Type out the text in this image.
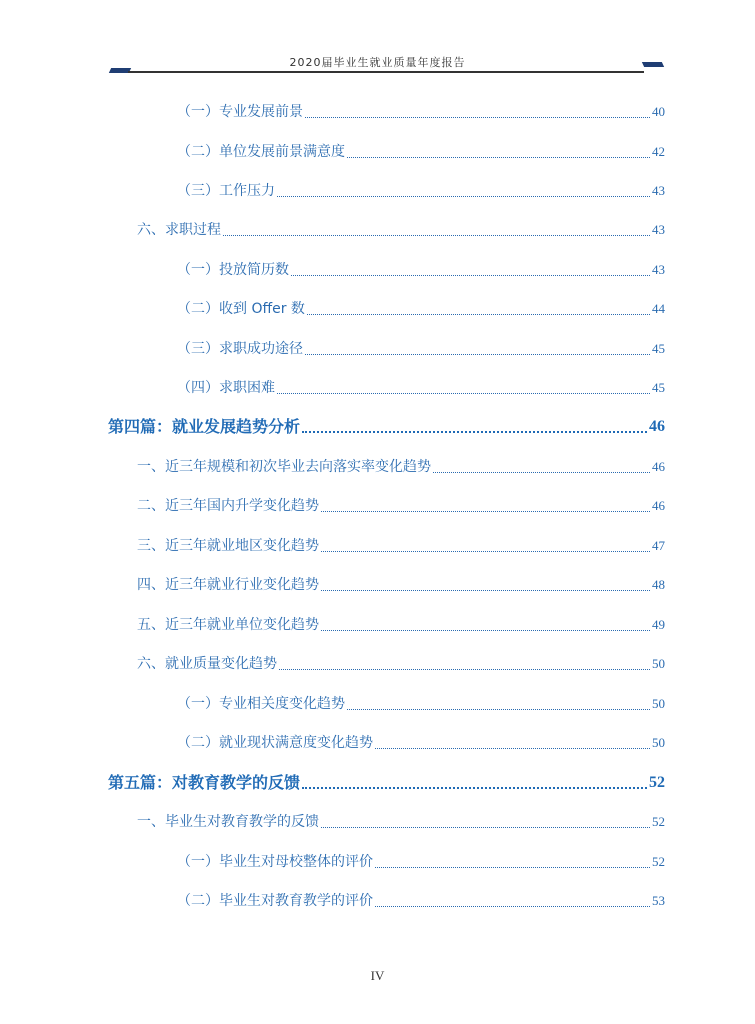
2020届毕业生就业质量年度报告
（一）专业发展前景	40
（二）单位发展前景满意度	42
（三）工作压力	43
六、求职过程	43
（一）投放简历数	43
（二）收到 Offer 数	44
（三）求职成功途径	45
（四）求职困难	45
第四篇：就业发展趋势分析	46
一、近三年规模和初次毕业去向落实率变化趋势	46
二、近三年国内升学变化趋势	46
三、近三年就业地区变化趋势	47
四、近三年就业行业变化趋势	48
五、近三年就业单位变化趋势	49
六、就业质量变化趋势	50
（一）专业相关度变化趋势	50
（二）就业现状满意度变化趋势	50
第五篇：对教育教学的反馈	52
一、毕业生对教育教学的反馈	52
（一）毕业生对母校整体的评价	52
（二）毕业生对教育教学的评价	53
IV
